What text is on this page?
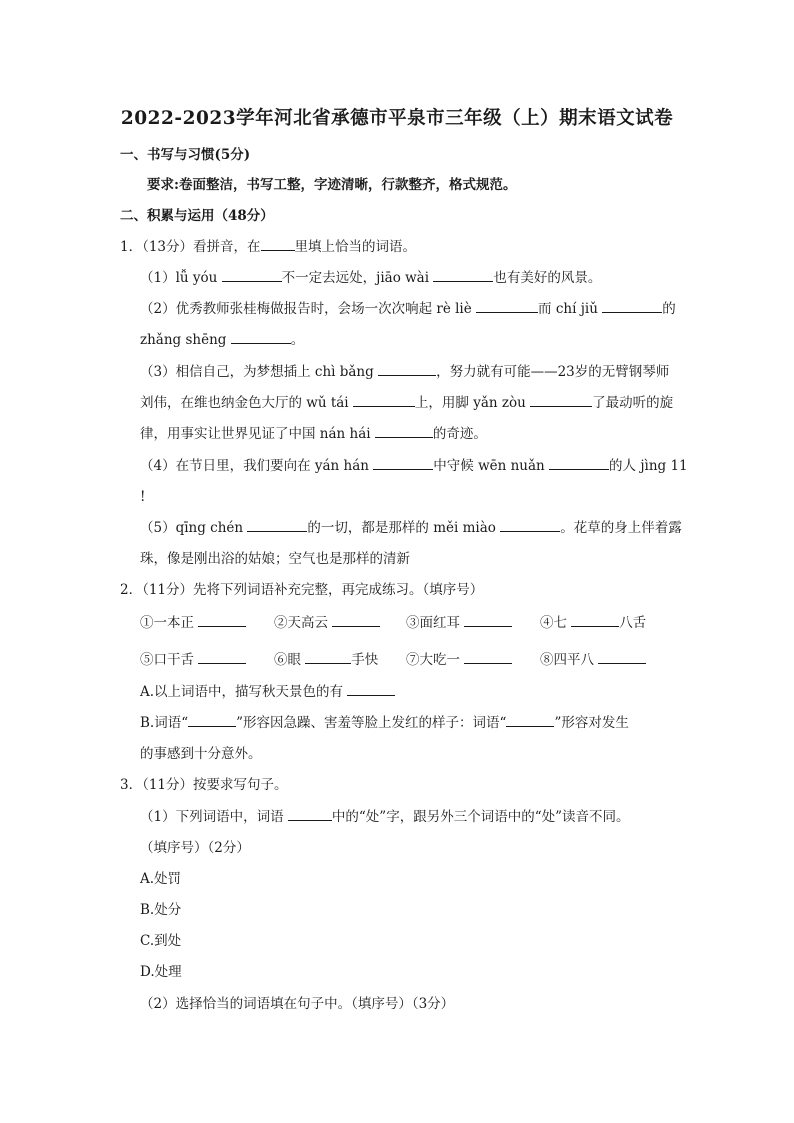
2022-2023学年河北省承德市平泉市三年级（上）期末语文试卷
一、书写与习惯(5分)
要求:卷面整洁，书写工整，字迹清晰，行款整齐，格式规范。
二、积累与运用（48分）
1．（13分）看拼音，在	里填上恰当的词语。
（1）lǚ yóu	不一定去远处，jiāo wài	也有美好的风景。
（2）优秀教师张桂梅做报告时，会场一次次响起 rè liè	而 chí jiǔ	的
zhǎng shēng	。
（3）相信自己，为梦想插上 chì bǎng	，努力就有可能——23岁的无臂钢琴师
刘伟，在维也纳金色大厅的 wǔ tái	上，用脚 yǎn zòu	了最动听的旋
律，用事实让世界见证了中国 nán hái	的奇迹。
（4）在节日里，我们要向在 yán hán	中守候 wēn nuǎn	的人 jìng 11
!
（5）qīng chén	的一切，都是那样的 měi miào	。花草的身上伴着露
珠，像是刚出浴的姑娘；空气也是那样的清新
2．（11分）先将下列词语补充完整，再完成练习。（填序号）
①一本正	②天高云	③面红耳	④七	八舌
⑤口干舌	⑥眼	手快 ⑦大吃一	⑧四平八
A.以上词语中，描写秋天景色的有
B.词语“	”形容因急躁、害羞等脸上发红的样子：词语“	”形容对发生
的事感到十分意外。
3．（11分）按要求写句子。
（1）下列词语中，词语	中的“处”字，跟另外三个词语中的“处”读音不同。
（填序号）（2分）
A.处罚
B.处分
C.到处
D.处理
（2）选择恰当的词语填在句子中。（填序号）（3分）
